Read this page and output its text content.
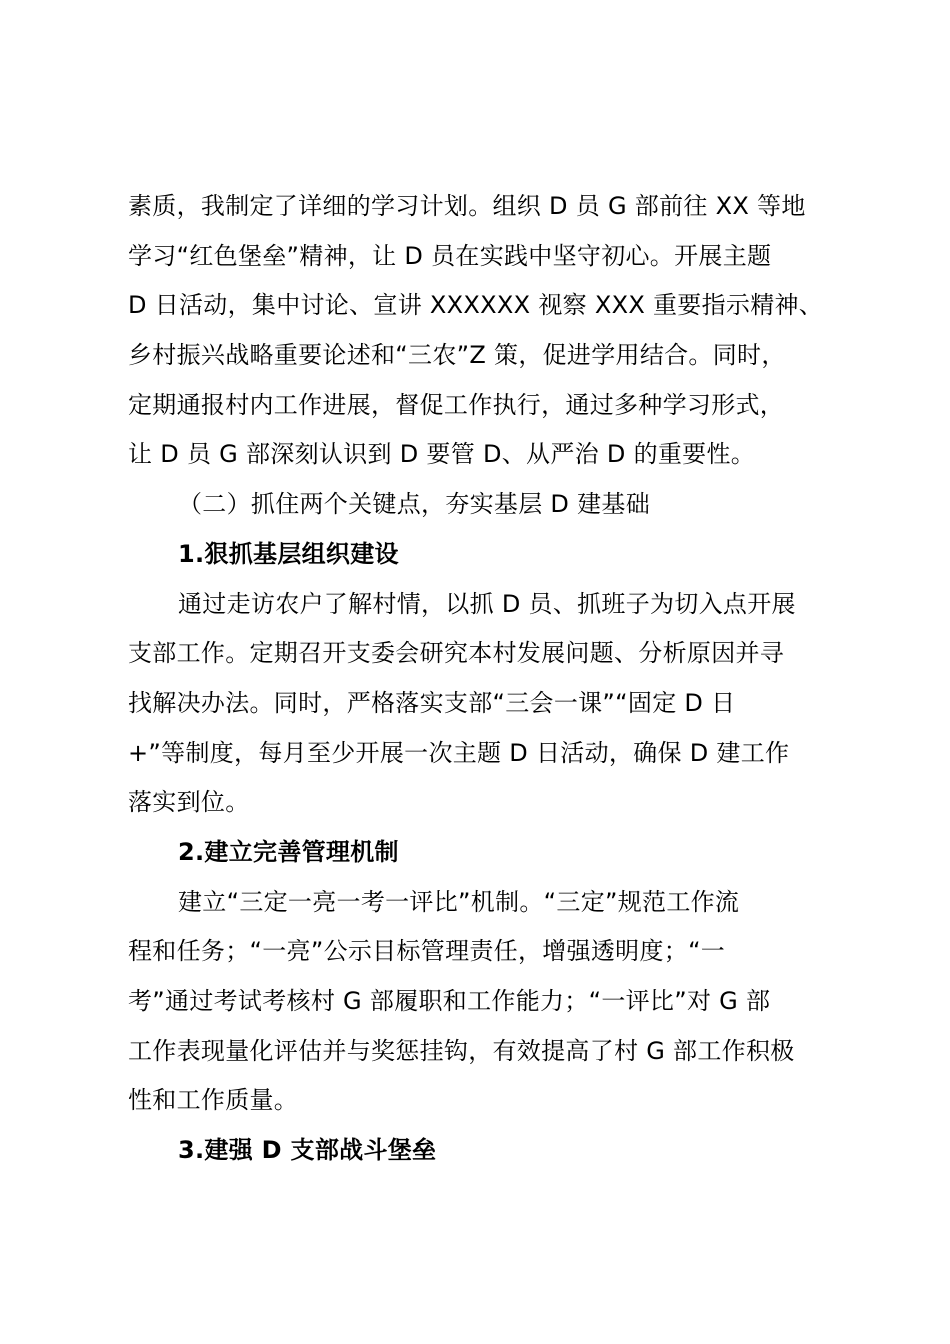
素质，我制定了详细的学习计划。组织 D 员 G 部前往 XX 等地
学习“红色堡垒”精神，让 D 员在实践中坚守初心。开展主题
D 日活动，集中讨论、宣讲 XXXXXX 视察 XXX 重要指示精神、
乡村振兴战略重要论述和“三农”Z 策，促进学用结合。同时，
定期通报村内工作进展，督促工作执行，通过多种学习形式，
让 D 员 G 部深刻认识到 D 要管 D、从严治 D 的重要性。
（二）抓住两个关键点，夯实基层 D 建基础
1.狠抓基层组织建设
通过走访农户了解村情，以抓 D 员、抓班子为切入点开展
支部工作。定期召开支委会研究本村发展问题、分析原因并寻
找解决办法。同时，严格落实支部“三会一课”“固定 D 日
+”等制度，每月至少开展一次主题 D 日活动，确保 D 建工作
落实到位。
2.建立完善管理机制
建立“三定一亮一考一评比”机制。“三定”规范工作流
程和任务；“一亮”公示目标管理责任，增强透明度；“一
考”通过考试考核村 G 部履职和工作能力；“一评比”对 G 部
工作表现量化评估并与奖惩挂钩，有效提高了村 G 部工作积极
性和工作质量。
3.建强 D 支部战斗堡垒
